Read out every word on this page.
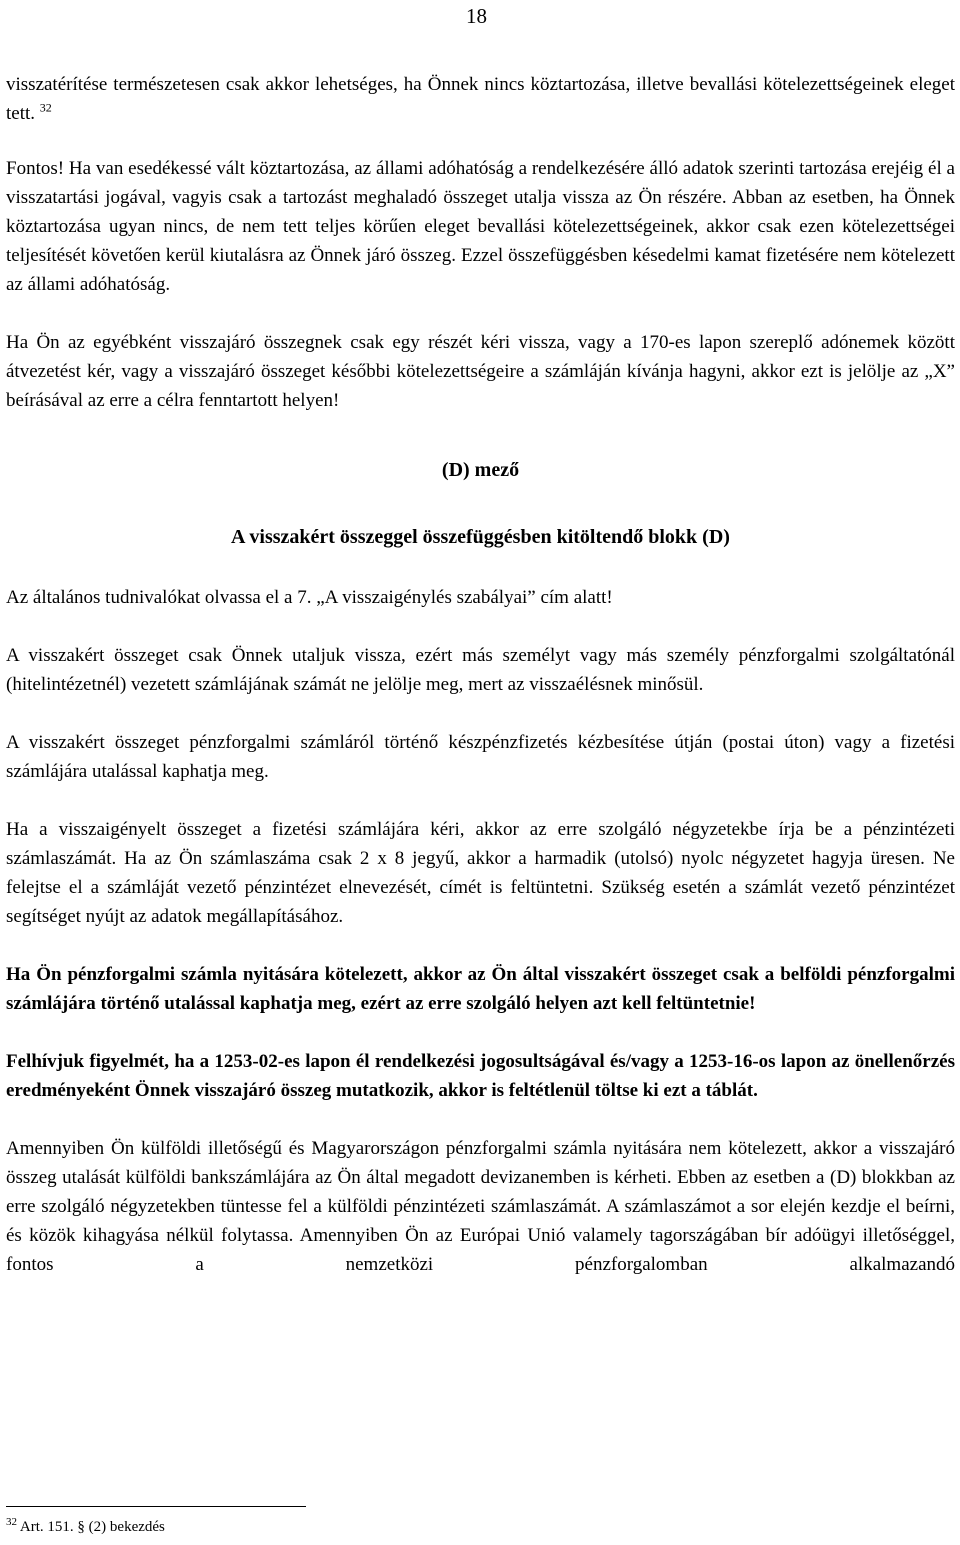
18

visszatérítése természetesen csak akkor lehetséges, ha Önnek nincs köztartozása, illetve bevallási kötelezettségeinek eleget tett. $^{32}$

Fontos! Ha van esedékessé vált köztartozása, az állami adóhatóság a rendelkezésére álló adatok szerinti tartozása erejéig él a visszatartási jogával, vagyis csak a tartozást meghaladó összeget utalja vissza az Ön részére. Abban az esetben, ha Önnek köztartozása ugyan nincs, de nem tett teljes körűen eleget bevallási kötelezettségeinek, akkor csak ezen kötelezettségei teljesítését követően kerül kiutalásra az Önnek járó összeg. Ezzel összefüggésben késedelmi kamat fizetésére nem kötelezett az állami adóhatóság.

Ha Ön az egyébként visszajáró összegnek csak egy részét kéri vissza, vagy a 170-es lapon szereplő adónemek között átvezetést kér, vagy a visszajáró összeget későbbi kötelezettségeire a számláján kívánja hagyni, akkor ezt is jelölje az „X” beírásával az erre a célra fenntartott helyen!

(D) mező

A visszakért összeggel összefüggésben kitöltendő blokk (D)

Az általános tudnivalókat olvassa el a 7. „A visszaigénylés szabályai” cím alatt!

A visszakért összeget csak Önnek utaljuk vissza, ezért más személyt vagy más személy pénzforgalmi szolgáltatónál (hitelintézetnél) vezetett számlájának számát ne jelölje meg, mert az visszaélésnek minősül.

A visszakért összeget pénzforgalmi számláról történő készpénzfizetés kézbesítése útján (postai úton) vagy a fizetési számlájára utalással kaphatja meg.

Ha a visszaigényelt összeget a fizetési számlájára kéri, akkor az erre szolgáló négyzetekbe írja be a pénzintézeti számlaszámát. Ha az Ön számlaszáma csak 2 x 8 jegyű, akkor a harmadik (utolsó) nyolc négyzetet hagyja üresen. Ne felejtse el a számláját vezető pénzintézet elnevezését, címét is feltüntetni. Szükség esetén a számlát vezető pénzintézet segítséget nyújt az adatok megállapításához.

Ha Ön pénzforgalmi számla nyitására kötelezett, akkor az Ön által visszakért összeget csak a belföldi pénzforgalmi számlájára történő utalással kaphatja meg, ezért az erre szolgáló helyen azt kell feltüntetnie!

Felhívjuk figyelmét, ha a 1253-02-es lapon él rendelkezési jogosultságával és/vagy a 1253-16-os lapon az önellenőrzés eredményeként Önnek visszajáró összeg mutatkozik, akkor is feltétlenül töltse ki ezt a táblát.

Amennyiben Ön külföldi illetőségű és Magyarországon pénzforgalmi számla nyitására nem kötelezett, akkor a visszajáró összeg utalását külföldi bankszámlájára az Ön által megadott devizanemben is kérheti. Ebben az esetben a (D) blokkban az erre szolgáló négyzetekben tüntesse fel a külföldi pénzintézeti számlaszámát. A számlaszámot a sor elején kezdje el beírni, és közök kihagyása nélkül folytassa. Amennyiben Ön az Európai Unió valamely tagországában bír adóügyi illetőséggel, fontos a nemzetközi pénzforgalomban alkalmazandó

$^{32}$ Art. 151. § (2) bekezdés
